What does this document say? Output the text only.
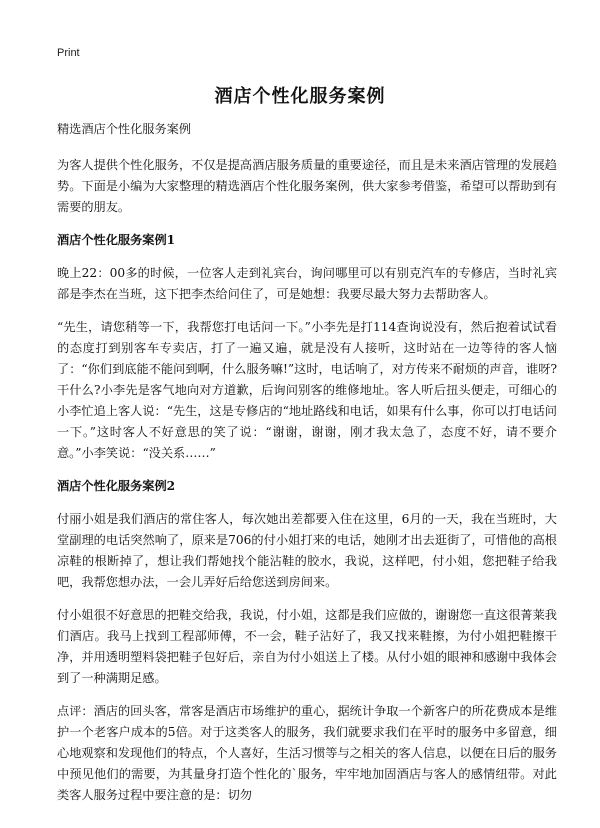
Print
酒店个性化服务案例

精选酒店个性化服务案例

为客人提供个性化服务，不仅是提高酒店服务质量的重要途径，而且是未来酒店管理的发展趋势。下面是小编为大家整理的精选酒店个性化服务案例，供大家参考借鉴，希望可以帮助到有需要的朋友。

酒店个性化服务案例1

晚上22：00多的时候，一位客人走到礼宾台，询问哪里可以有别克汽车的专修店，当时礼宾部是李杰在当班，这下把李杰给问住了，可是她想：我要尽最大努力去帮助客人。

“先生，请您稍等一下，我帮您打电话问一下。”小李先是打114查询说没有，然后抱着试试看的态度打到别客车专卖店，打了一遍又遍，就是没有人接听，这时站在一边等待的客人恼了：“你们到底能不能问到啊，什么服务嘛!”这时，电话响了，对方传来不耐烦的声音，谁呀?干什么?小李先是客气地向对方道歉，后询问别客的维修地址。客人听后扭头便走，可细心的小李忙追上客人说：“先生，这是专修店的“地址路线和电话，如果有什么事，你可以打电话问一下。”这时客人不好意思的笑了说：“谢谢，谢谢，刚才我太急了，态度不好，请不要介意。”小李笑说：“没关系……”

酒店个性化服务案例2

付丽小姐是我们酒店的常住客人，每次她出差都要入住在这里，6月的一天，我在当班时，大堂副理的电话突然响了，原来是706的付小姐打来的电话，她刚才出去逛街了，可惜他的高根凉鞋的根断掉了，想让我们帮她找个能沾鞋的胶水，我说，这样吧，付小姐，您把鞋子给我吧，我帮您想办法，一会儿弄好后给您送到房间来。

付小姐很不好意思的把鞋交给我，我说，付小姐，这都是我们应做的，谢谢您一直这很菁莱我们酒店。我马上找到工程部师傅，不一会，鞋子沾好了，我又找来鞋擦，为付小姐把鞋擦干净，并用透明塑料袋把鞋子包好后，亲自为付小姐送上了楼。从付小姐的眼神和感谢中我体会到了一种满期足感。

点评：酒店的回头客，常客是酒店市场维护的重心，据统计争取一个新客户的所花费成本是维护一个老客户成本的5倍。对于这类客人的服务，我们就要求我们在平时的服务中多留意，细心地观察和发现他们的特点，个人喜好，生活习惯等与之相关的客人信息，以便在日后的服务中预见他们的需要，为其量身打造个性化的`服务，牢牢地加固酒店与客人的感情纽带。对此类客人服务过程中要注意的是：切勿
